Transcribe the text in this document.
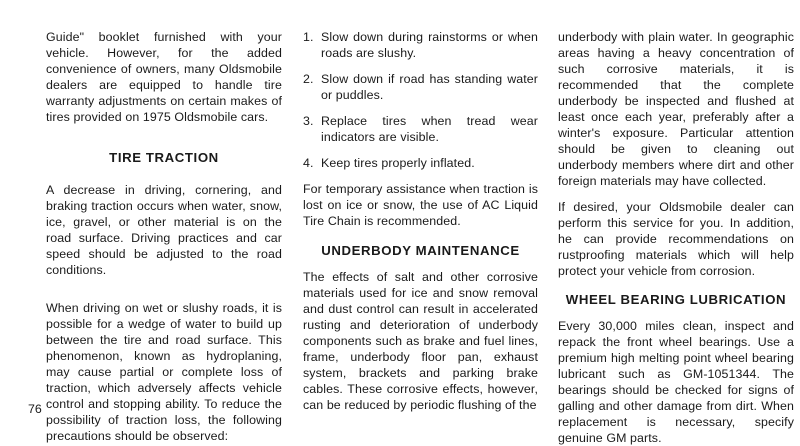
Guide" booklet furnished with your vehicle. However, for the added convenience of owners, many Oldsmobile dealers are equipped to handle tire warranty adjustments on certain makes of tires provided on 1975 Oldsmobile cars.

TIRE TRACTION

A decrease in driving, cornering, and braking traction occurs when water, snow, ice, gravel, or other material is on the road surface. Driving practices and car speed should be adjusted to the road conditions.

When driving on wet or slushy roads, it is possible for a wedge of water to build up between the tire and road surface. This phenomenon, known as hydroplaning, may cause partial or complete loss of traction, which adversely affects vehicle control and stopping ability. To reduce the possibility of traction loss, the following precautions should be observed:

1. Slow down during rainstorms or when roads are slushy.
2. Slow down if road has standing water or puddles.
3. Replace tires when tread wear indicators are visible.
4. Keep tires properly inflated.

For temporary assistance when traction is lost on ice or snow, the use of AC Liquid Tire Chain is recommended.

UNDERBODY MAINTENANCE

The effects of salt and other corrosive materials used for ice and snow removal and dust control can result in accelerated rusting and deterioration of underbody components such as brake and fuel lines, frame, underbody floor pan, exhaust system, brackets and parking brake cables. These corrosive effects, however, can be reduced by periodic flushing of the

underbody with plain water. In geographic areas having a heavy concentration of such corrosive materials, it is recommended that the complete underbody be inspected and flushed at least once each year, preferably after a winter's exposure. Particular attention should be given to cleaning out underbody members where dirt and other foreign materials may have collected.

If desired, your Oldsmobile dealer can perform this service for you. In addition, he can provide recommendations on rustproofing materials which will help protect your vehicle from corrosion.

WHEEL BEARING LUBRICATION

Every 30,000 miles clean, inspect and repack the front wheel bearings. Use a premium high melting point wheel bearing lubricant such as GM-1051344. The bearings should be checked for signs of galling and other damage from dirt. When replacement is necessary, specify genuine GM parts.

76
